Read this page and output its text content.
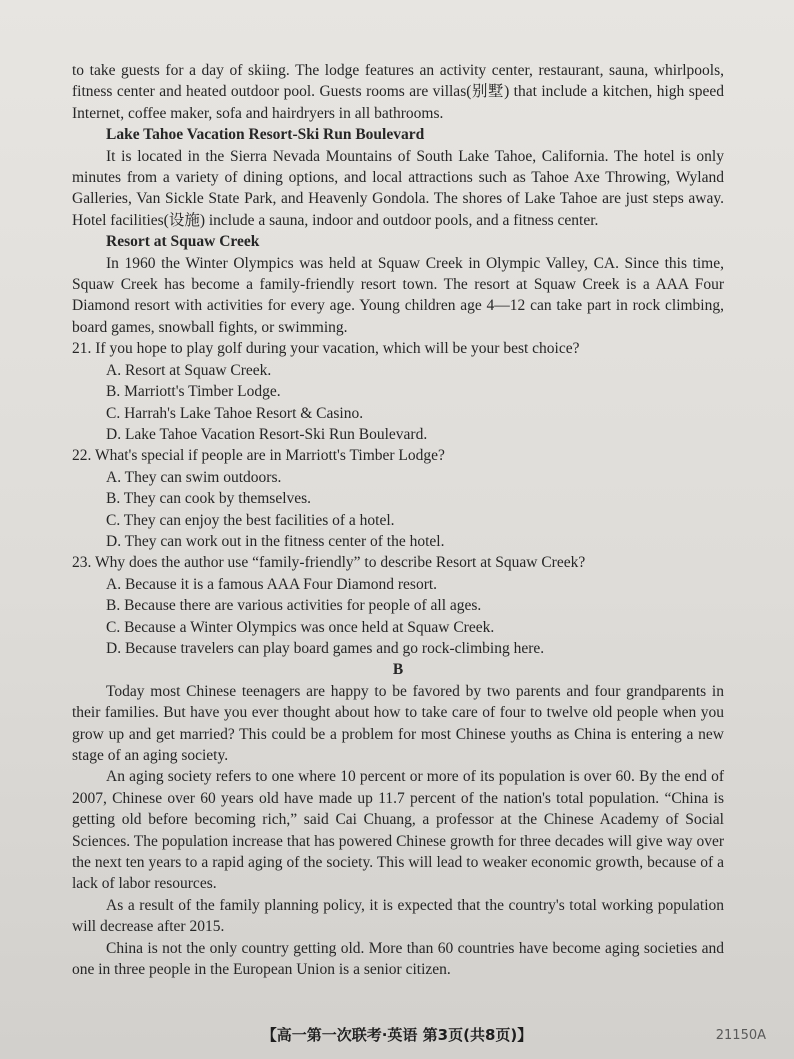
to take guests for a day of skiing. The lodge features an activity center, restaurant, sauna, whirlpools, fitness center and heated outdoor pool. Guests rooms are villas(别墅) that include a kitchen, high speed Internet, coffee maker, sofa and hairdryers in all bathrooms.

Lake Tahoe Vacation Resort-Ski Run Boulevard

It is located in the Sierra Nevada Mountains of South Lake Tahoe, California. The hotel is only minutes from a variety of dining options, and local attractions such as Tahoe Axe Throwing, Wyland Galleries, Van Sickle State Park, and Heavenly Gondola. The shores of Lake Tahoe are just steps away. Hotel facilities(设施) include a sauna, indoor and outdoor pools, and a fitness center.

Resort at Squaw Creek

In 1960 the Winter Olympics was held at Squaw Creek in Olympic Valley, CA. Since this time, Squaw Creek has become a family-friendly resort town. The resort at Squaw Creek is a AAA Four Diamond resort with activities for every age. Young children age 4—12 can take part in rock climbing, board games, snowball fights, or swimming.

21. If you hope to play golf during your vacation, which will be your best choice?

A. Resort at Squaw Creek.

B. Marriott's Timber Lodge.

C. Harrah's Lake Tahoe Resort & Casino.

D. Lake Tahoe Vacation Resort-Ski Run Boulevard.

22. What's special if people are in Marriott's Timber Lodge?

A. They can swim outdoors.

B. They can cook by themselves.

C. They can enjoy the best facilities of a hotel.

D. They can work out in the fitness center of the hotel.

23. Why does the author use “family-friendly” to describe Resort at Squaw Creek?

A. Because it is a famous AAA Four Diamond resort.

B. Because there are various activities for people of all ages.

C. Because a Winter Olympics was once held at Squaw Creek.

D. Because travelers can play board games and go rock-climbing here.

B

Today most Chinese teenagers are happy to be favored by two parents and four grandparents in their families. But have you ever thought about how to take care of four to twelve old people when you grow up and get married? This could be a problem for most Chinese youths as China is entering a new stage of an aging society.

An aging society refers to one where 10 percent or more of its population is over 60. By the end of 2007, Chinese over 60 years old have made up 11.7 percent of the nation's total population. “China is getting old before becoming rich,” said Cai Chuang, a professor at the Chinese Academy of Social Sciences. The population increase that has powered Chinese growth for three decades will give way over the next ten years to a rapid aging of the society. This will lead to weaker economic growth, because of a lack of labor resources.

As a result of the family planning policy, it is expected that the country's total working population will decrease after 2015.

China is not the only country getting old. More than 60 countries have become aging societies and one in three people in the European Union is a senior citizen.

【高一第一次联考·英语 第3页(共8页)】	21150A
